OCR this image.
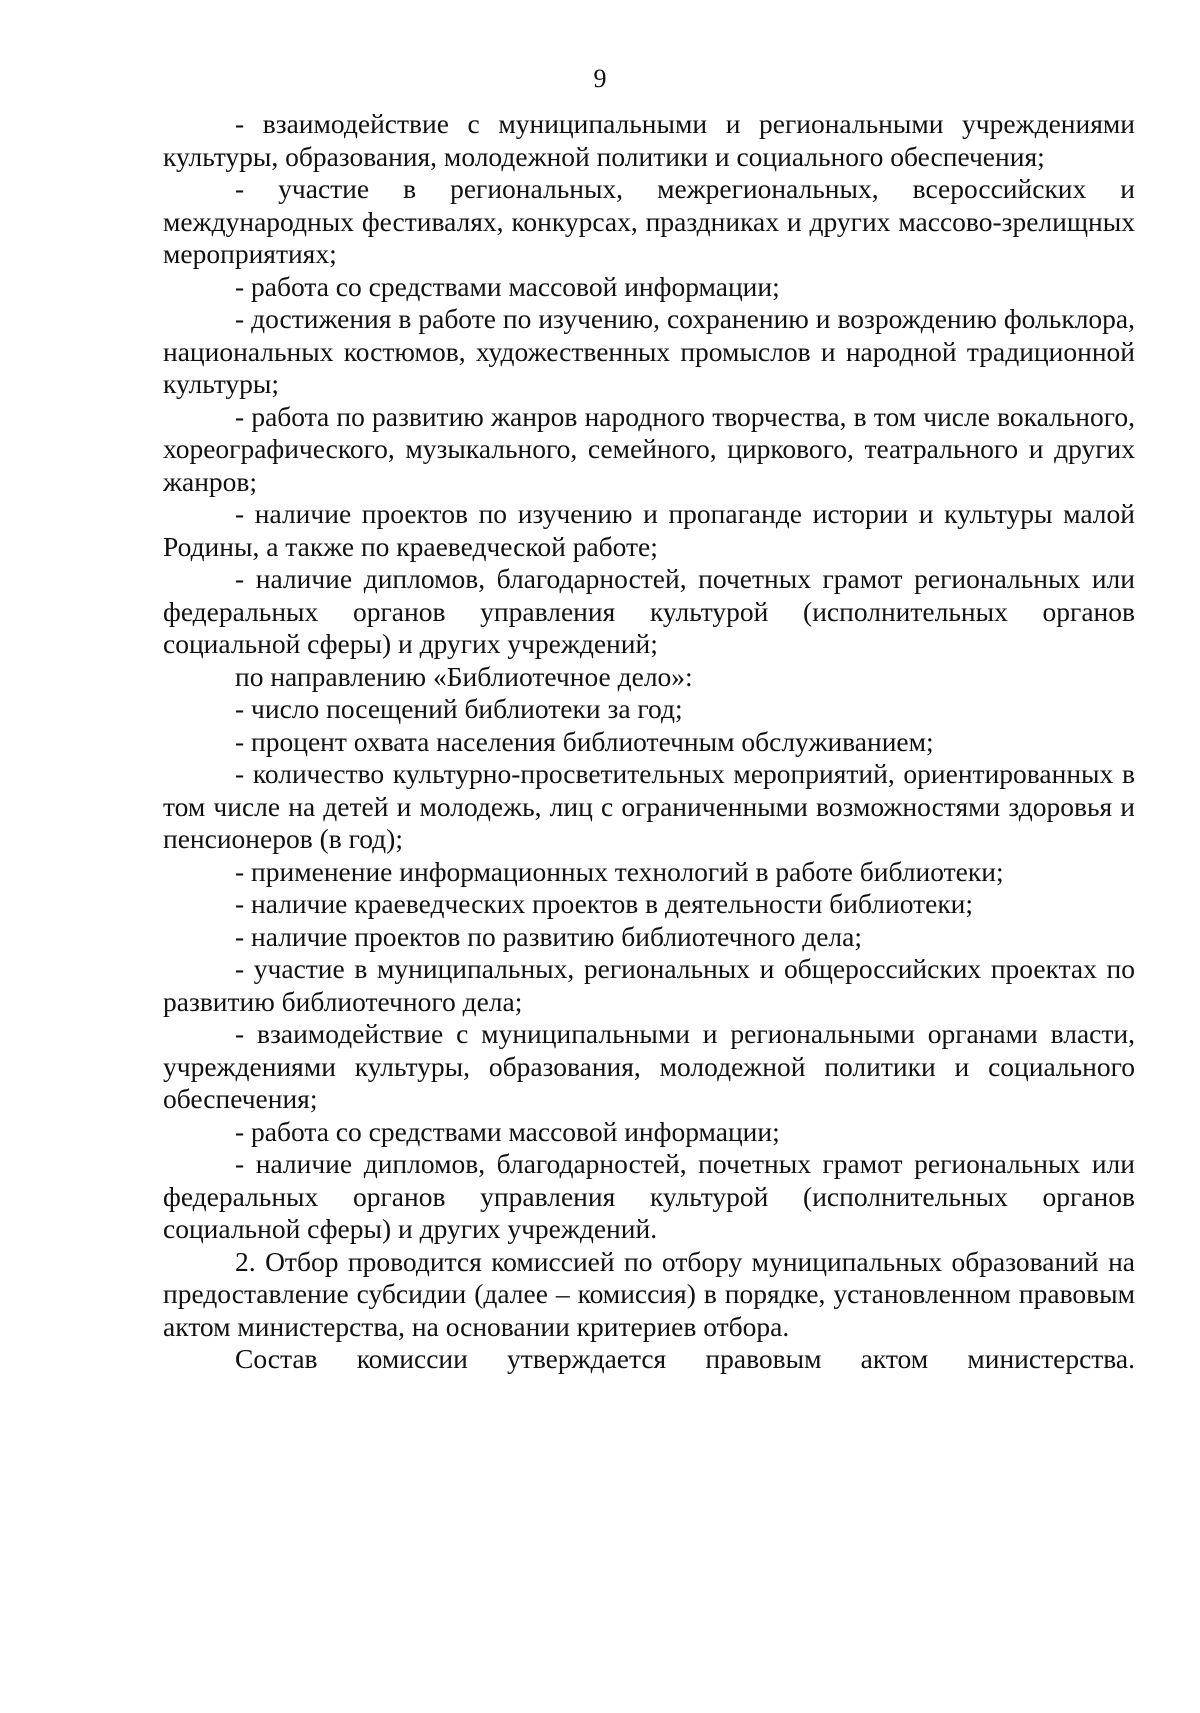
9

- взаимодействие с муниципальными и региональными учреждениями культуры, образования, молодежной политики и социального обеспечения;

- участие в региональных, межрегиональных, всероссийских и международных фестивалях, конкурсах, праздниках и других массово-зрелищных мероприятиях;

- работа со средствами массовой информации;

- достижения в работе по изучению, сохранению и возрождению фольклора, национальных костюмов, художественных промыслов и народной традиционной культуры;

- работа по развитию жанров народного творчества, в том числе вокального, хореографического, музыкального, семейного, циркового, театрального и других жанров;

- наличие проектов по изучению и пропаганде истории и культуры малой Родины, а также по краеведческой работе;

- наличие дипломов, благодарностей, почетных грамот региональных или федеральных органов управления культурой (исполнительных органов социальной сферы) и других учреждений;

по направлению «Библиотечное дело»:

- число посещений библиотеки за год;

- процент охвата населения библиотечным обслуживанием;

- количество культурно-просветительных мероприятий, ориентированных в том числе на детей и молодежь, лиц с ограниченными возможностями здоровья и пенсионеров (в год);

- применение информационных технологий в работе библиотеки;

- наличие краеведческих проектов в деятельности библиотеки;

- наличие проектов по развитию библиотечного дела;

- участие в муниципальных, региональных и общероссийских проектах по развитию библиотечного дела;

- взаимодействие с муниципальными и региональными органами власти, учреждениями культуры, образования, молодежной политики и социального обеспечения;

- работа со средствами массовой информации;

- наличие дипломов, благодарностей, почетных грамот региональных или федеральных органов управления культурой (исполнительных органов социальной сферы) и других учреждений.

2. Отбор проводится комиссией по отбору муниципальных образований на предоставление субсидии (далее – комиссия) в порядке, установленном правовым актом министерства, на основании критериев отбора.

Состав комиссии утверждается правовым актом министерства.
